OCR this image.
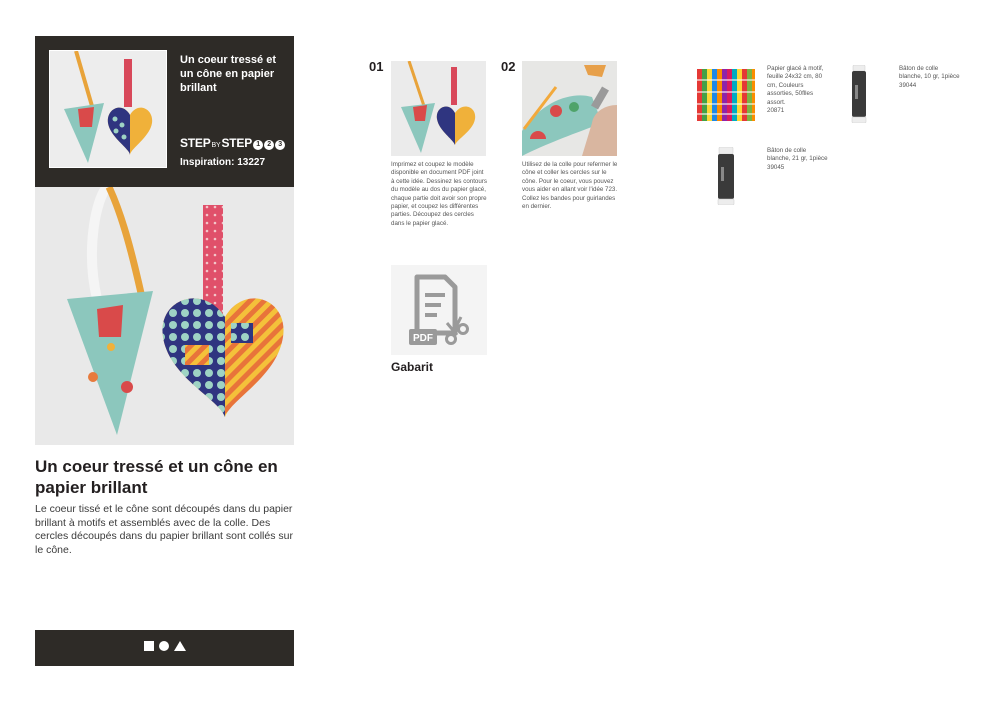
Un coeur tressé et un cône en papier brillant
STEPBYSTEP 1 2 3
Inspiration: 13227
Un coeur tressé et un cône en papier brillant
Le coeur tissé et le cône sont découpés dans du papier brillant à motifs et assemblés avec de la colle. Des cercles découpés dans du papier brillant sont collés sur le cône.
01
Imprimez et coupez le modèle disponible en document PDF joint à cette idée. Dessinez les contours du modèle au dos du papier glacé, chaque partie doit avoir son propre papier, et coupez les différentes parties. Découpez des cercles dans le papier glacé.
02
Utilisez de la colle pour refermer le cône et coller les cercles sur le cône. Pour le coeur, vous pouvez vous aider en allant voir l'idée 723. Collez les bandes pour guirlandes en dernier.
PDF
Gabarit
Papier glacé à motif, feuille 24x32 cm, 80 cm, Couleurs assorties, 50flles assort.
20871
Bâton de colle blanche, 10 gr, 1pièce
39044
Bâton de colle blanche, 21 gr, 1pièce
39045
